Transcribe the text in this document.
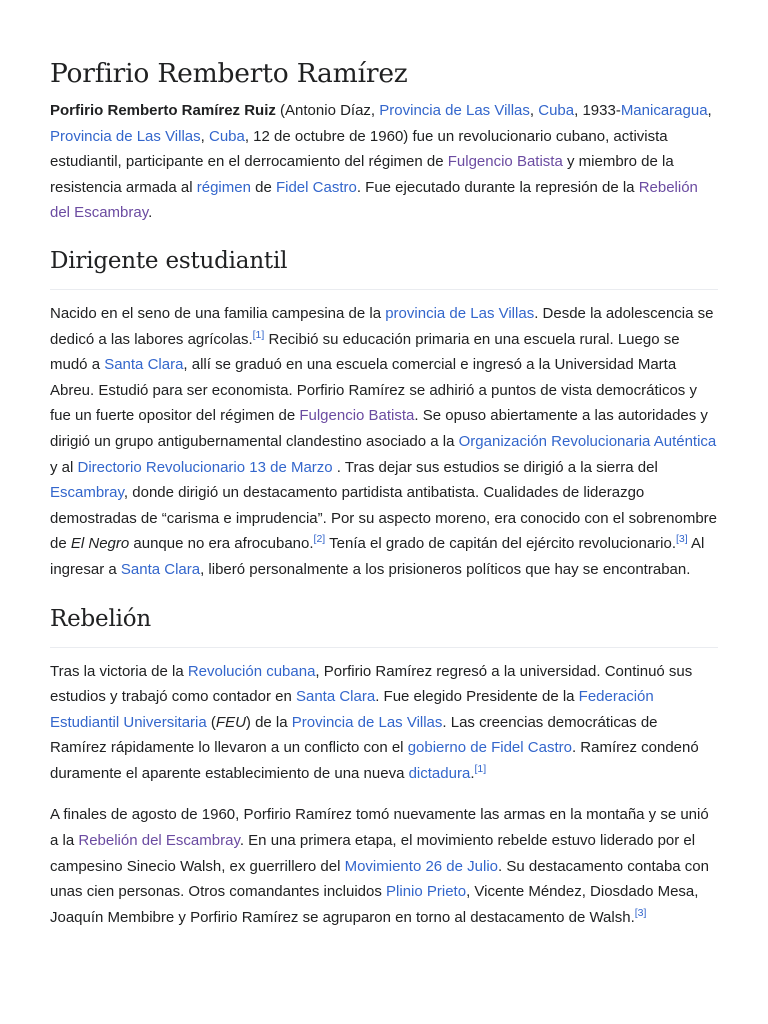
Porfirio Remberto Ramírez

Porfirio Remberto Ramírez Ruiz (Antonio Díaz, Provincia de Las Villas, Cuba, 1933-Manicaragua, Provincia de Las Villas, Cuba, 12 de octubre de 1960) fue un revolucionario cubano, activista estudiantil, participante en el derrocamiento del régimen de Fulgencio Batista y miembro de la resistencia armada al régimen de Fidel Castro. Fue ejecutado durante la represión de la Rebelión del Escambray.

Dirigente estudiantil

Nacido en el seno de una familia campesina de la provincia de Las Villas. Desde la adolescencia se dedicó a las labores agrícolas.[1] Recibió su educación primaria en una escuela rural. Luego se mudó a Santa Clara, allí se graduó en una escuela comercial e ingresó a la Universidad Marta Abreu. Estudió para ser economista. Porfirio Ramírez se adhirió a puntos de vista democráticos y fue un fuerte opositor del régimen de Fulgencio Batista. Se opuso abiertamente a las autoridades y dirigió un grupo antigubernamental clandestino asociado a la Organización Revolucionaria Auténtica y al Directorio Revolucionario 13 de Marzo . Tras dejar sus estudios se dirigió a la sierra del Escambray, donde dirigió un destacamento partidista antibatista. Cualidades de liderazgo demostradas de “carisma e imprudencia”. Por su aspecto moreno, era conocido con el sobrenombre de El Negro aunque no era afrocubano.[2] Tenía el grado de capitán del ejército revolucionario.[3] Al ingresar a Santa Clara, liberó personalmente a los prisioneros políticos que hay se encontraban.

Rebelión

Tras la victoria de la Revolución cubana, Porfirio Ramírez regresó a la universidad. Continuó sus estudios y trabajó como contador en Santa Clara. Fue elegido Presidente de la Federación Estudiantil Universitaria (FEU) de la Provincia de Las Villas. Las creencias democráticas de Ramírez rápidamente lo llevaron a un conflicto con el gobierno de Fidel Castro. Ramírez condenó duramente el aparente establecimiento de una nueva dictadura.[1]

A finales de agosto de 1960, Porfirio Ramírez tomó nuevamente las armas en la montaña y se unió a la Rebelión del Escambray. En una primera etapa, el movimiento rebelde estuvo liderado por el campesino Sinecio Walsh, ex guerrillero del Movimiento 26 de Julio. Su destacamento contaba con unas cien personas. Otros comandantes incluidos Plinio Prieto, Vicente Méndez, Diosdado Mesa, Joaquín Membibre y Porfirio Ramírez se agruparon en torno al destacamento de Walsh.[3]
